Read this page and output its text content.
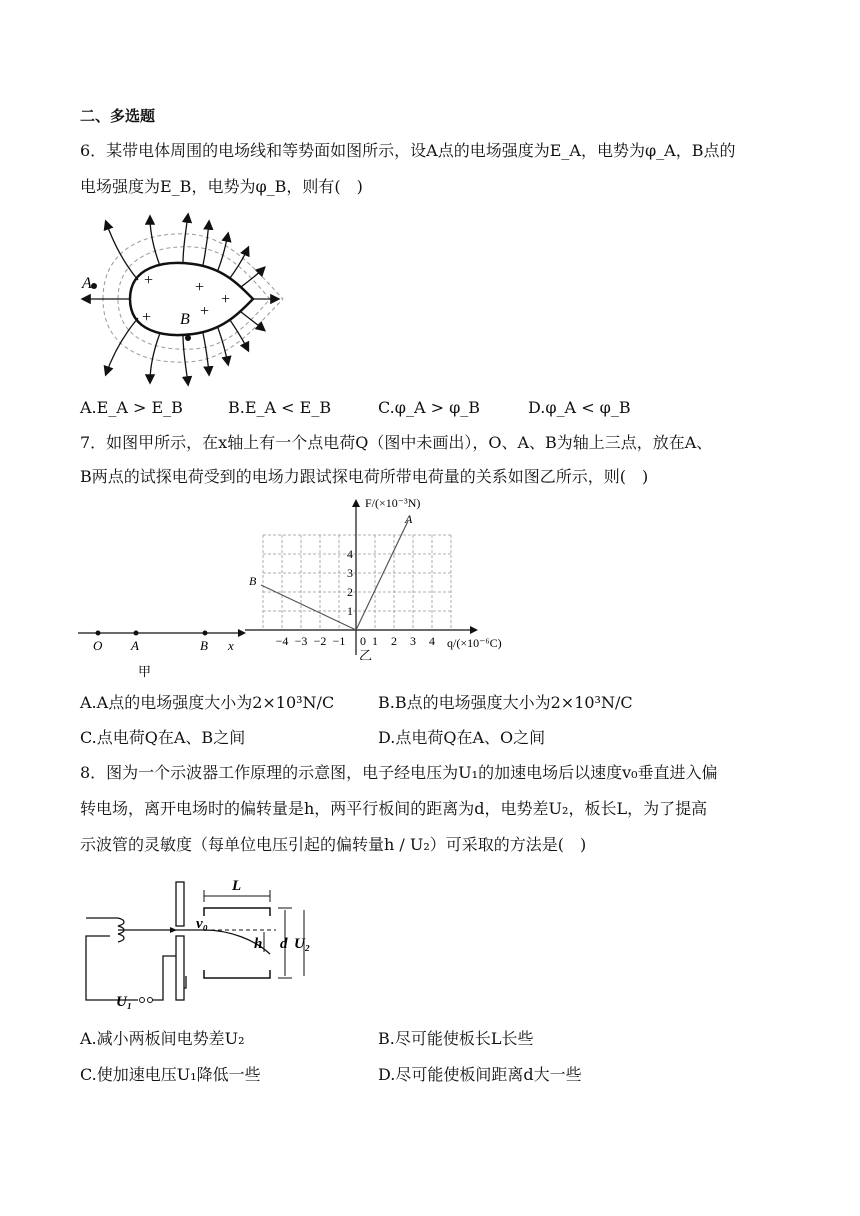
二、多选题
6．某带电体周围的电场线和等势面如图所示，设A点的电场强度为E_A，电势为φ_A，B点的
电场强度为E_B，电势为φ_B，则有(　)
A
B
+	+
+
+	+
A.E_A > E_B	B.E_A < E_B	C.φ_A > φ_B	D.φ_A < φ_B
7．如图甲所示，在x轴上有一个点电荷Q（图中未画出），O、A、B为轴上三点，放在A、
B两点的试探电荷受到的电场力跟试探电荷所带电荷量的关系如图乙所示，则(　)
O A	B x
甲
F/(×10⁻³N)
q/(×10⁻⁶C)
A
B
1
2
3
4
−4 −3 −2 −1 0 1 2 3 4
乙
A.A点的电场强度大小为2×10³N/C	B.B点的电场强度大小为2×10³N/C
C.点电荷Q在A、B之间	D.点电荷Q在A、O之间
8．图为一个示波器工作原理的示意图，电子经电压为U₁的加速电场后以速度v₀垂直进入偏
转电场，离开电场时的偏转量是h，两平行板间的距离为d，电势差U₂，板长L，为了提高
示波管的灵敏度（每单位电压引起的偏转量h / U₂）可采取的方法是(　)
L
v₀
h d U₂
U₁
A.减小两板间电势差U₂	B.尽可能使板长L长些
C.使加速电压U₁降低一些	D.尽可能使板间距离d大一些
